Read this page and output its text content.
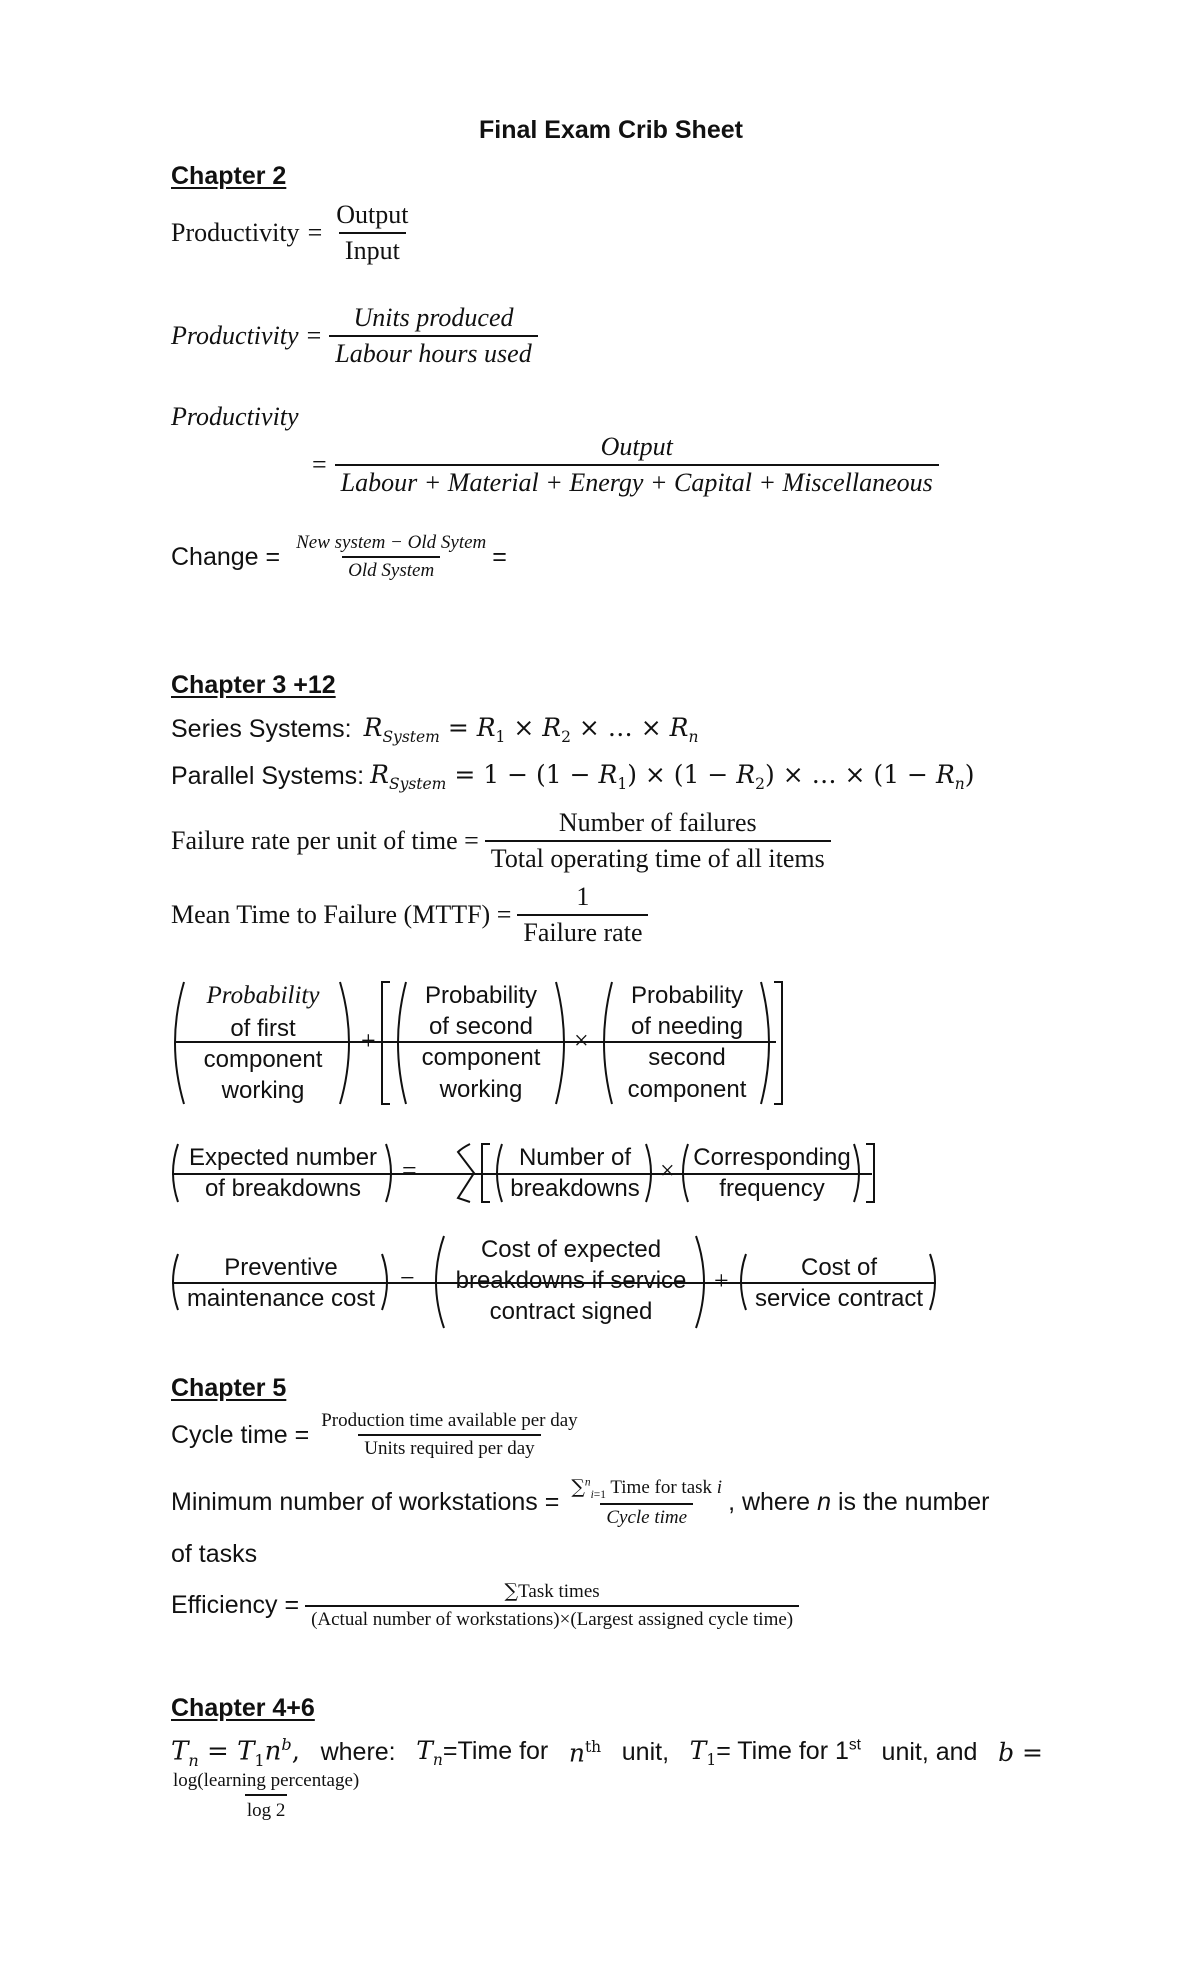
Final Exam Crib Sheet
Chapter 2
Productivity = $\frac{\text{Output}}{\text{Input}}$
Productivity = $\frac{\text{Units produced}}{\text{Labour hours used}}$
Productivity
= $\frac{\text{Output}}{\text{Labour + Material + Energy + Capital + Miscellaneous}}$
Change = $\frac{\text{New system − Old Sytem}}{\text{Old System}}$ =
Chapter 3 +12
Series Systems: $R_{System} = R_1 \times R_2$ × … × $R_n$
Parallel Systems: $R_{System} = 1 - (1 - R_1) \times (1 - R_2)$ × … × $(1 - R_n)$
Failure rate per unit of time = $\frac{\text{Number of failures}}{\text{Total operating time of all items}}$
Mean Time to Failure (MTTF) = $\frac{1}{\text{Failure rate}}$
Probability
of first
component
working
+
Probability
of second
component
working
×
Probability
of needing
second
component
Expected number
of breakdowns
=	Number of
breakdowns
× Corresponding
frequency
Preventive
maintenance cost
=
Cost of expected
breakdowns if service
contract signed
+	Cost of
service contract
Chapter 5
Cycle time = $\frac{\text{Production time available per day}}{\text{Units required per day}}$
Minimum number of workstations = $\frac{\sum^n_{i=1} Time for task i}{\text{Cycle time}}$ , where n is the number
of tasks
Efficiency =	∑Task times
(Actual number of workstations)×(Largest assigned cycle time)
Chapter 4+6
$T_n = T_1n^b$, where: $T_n=Time$ for $n^{th}$ unit, $T_1=$ Time for 1st unit, and b =
$\frac{\text{log(learning percentage)}}{\log 2}$
